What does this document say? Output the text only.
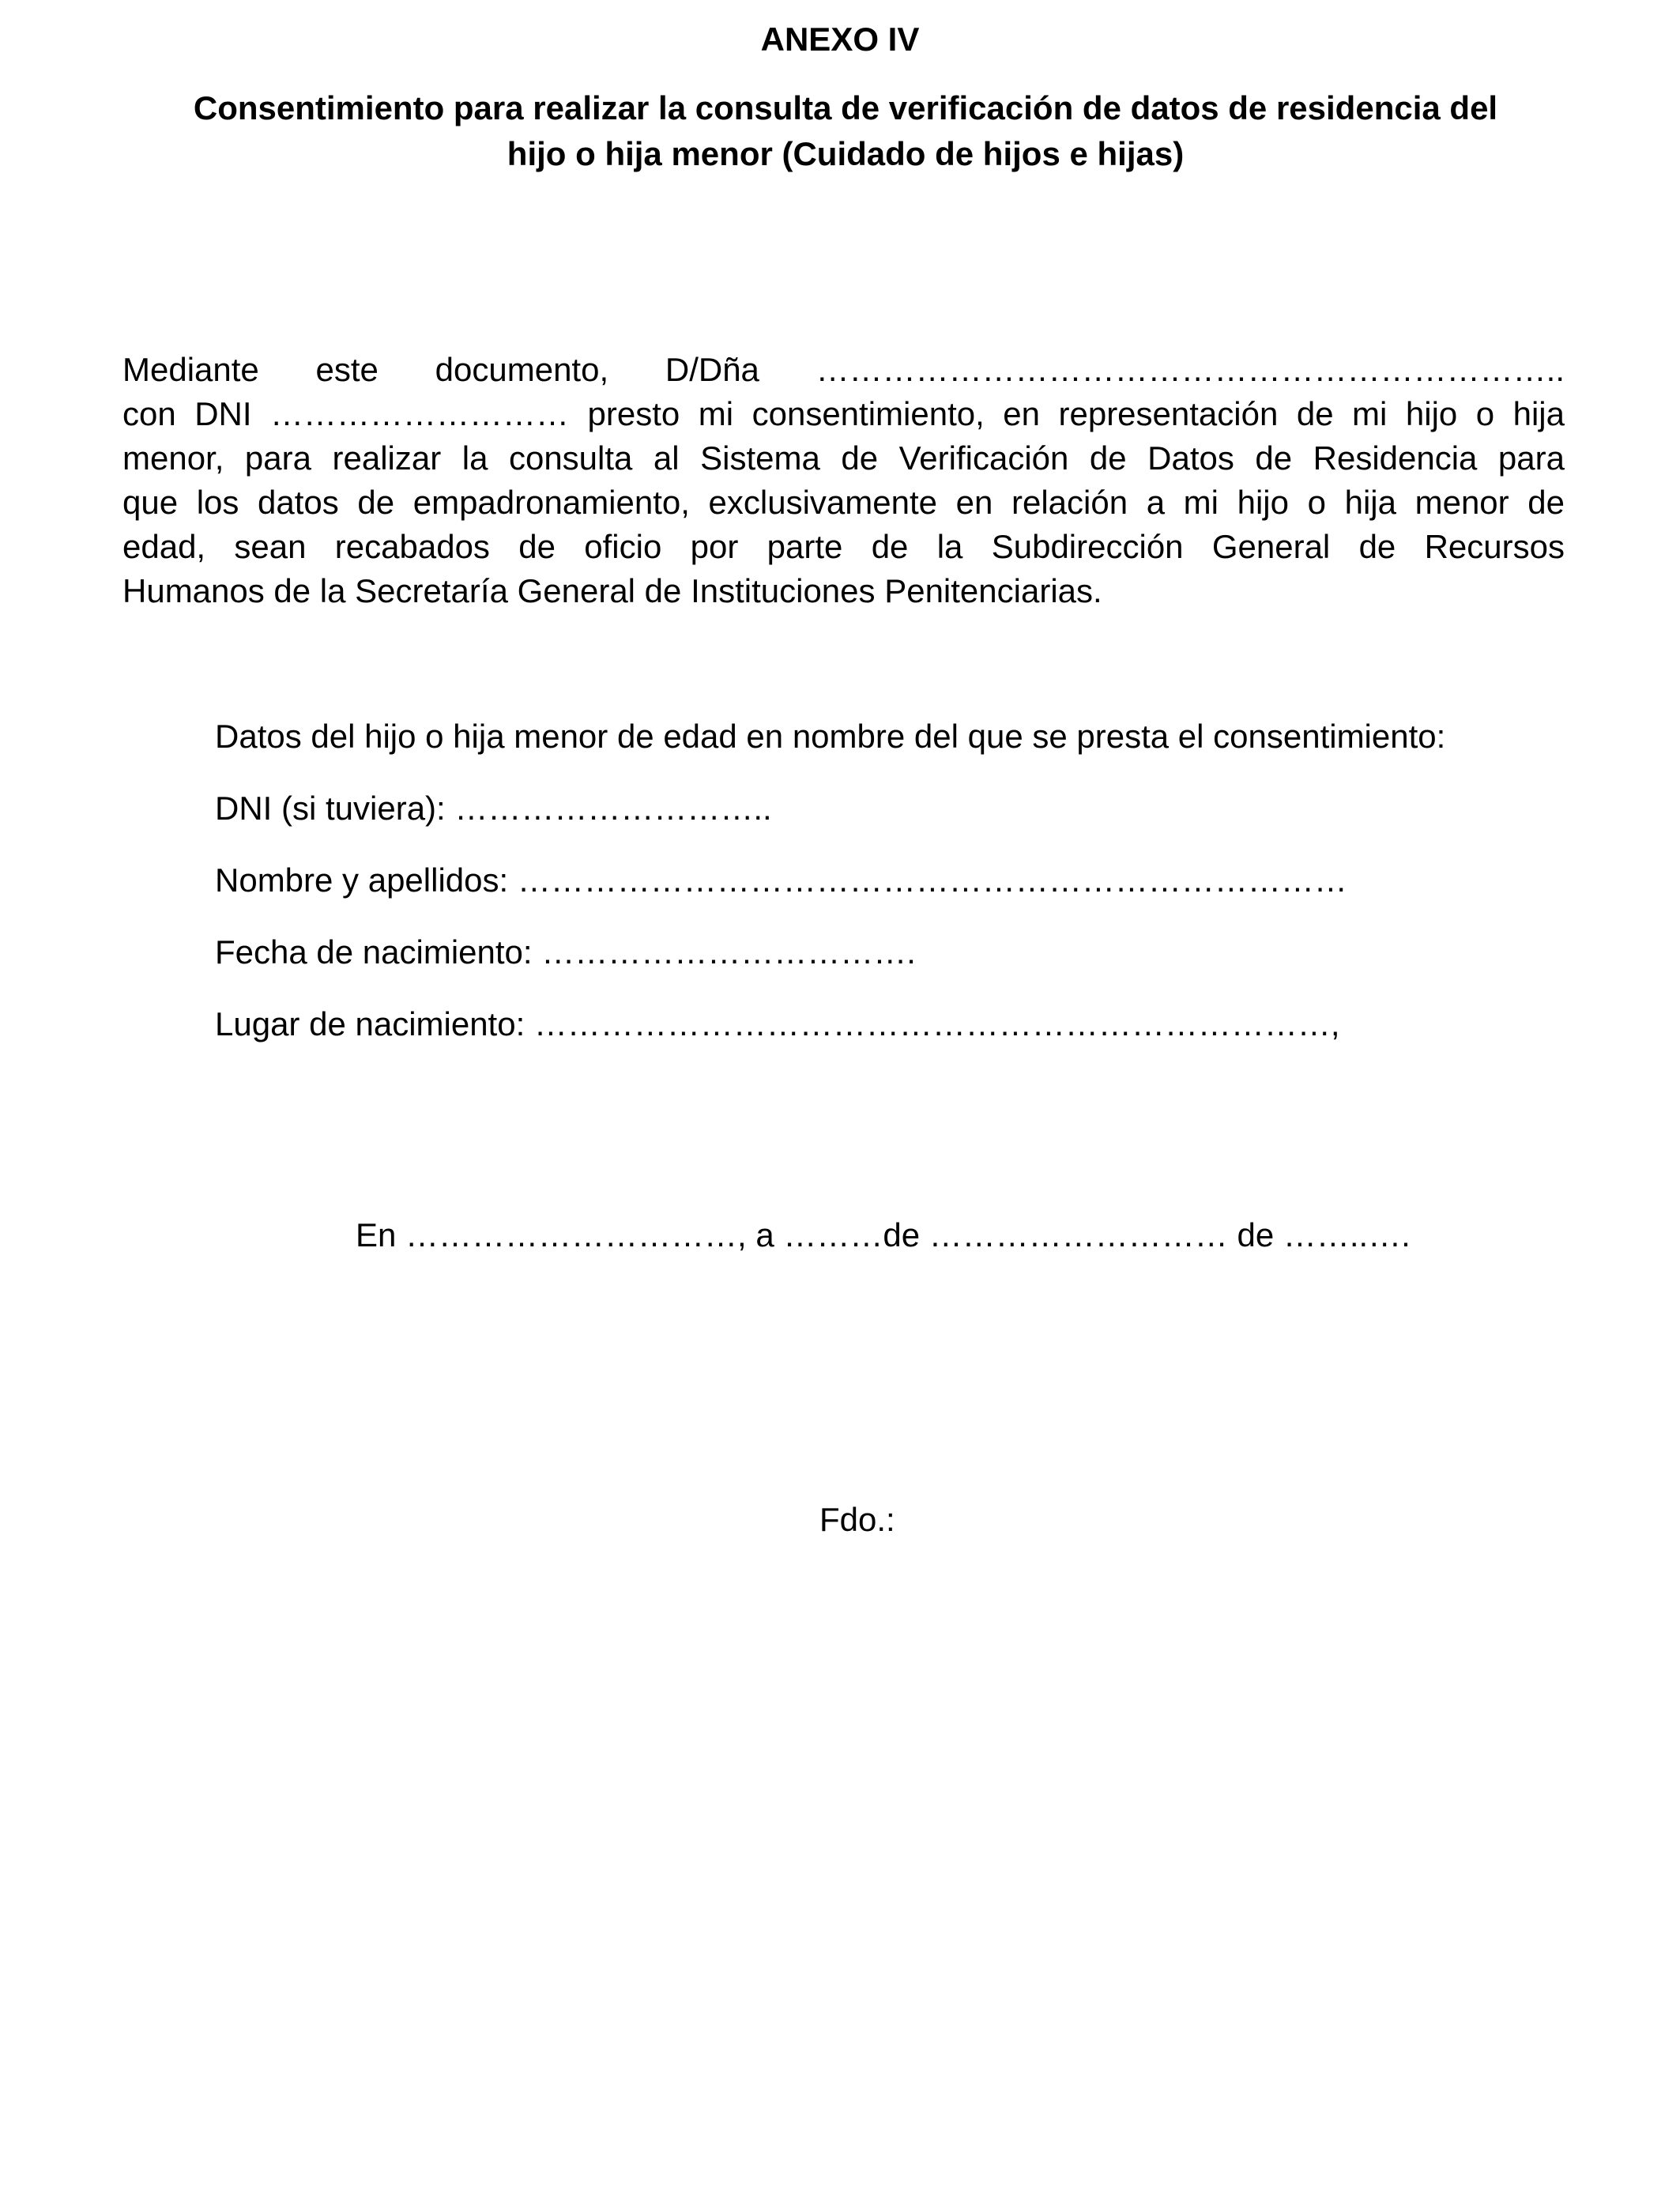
ANEXO IV
Consentimiento para realizar la consulta de verificación de datos de residencia del
hijo o hija menor (Cuidado de hijos e hijas)
Mediante este documento, D/Dña …………………………………………………………..
con DNI ……………………… presto mi consentimiento, en representación de mi hijo o hija
menor, para realizar la consulta al Sistema de Verificación de Datos de Residencia para
que los datos de empadronamiento, exclusivamente en relación a mi hijo o hija menor de
edad, sean recabados de oficio por parte de la Subdirección General de Recursos
Humanos de la Secretaría General de Instituciones Penitenciarias.
Datos del hijo o hija menor de edad en nombre del que se presta el consentimiento:
DNI (si tuviera): ………………………..
Nombre y apellidos: …………………………………………………………………
Fecha de nacimiento: …………………………….
Lugar de nacimiento: ………………………………………………………………,
En …………………………, a ………de ……………………… de ……..….
Fdo.:
